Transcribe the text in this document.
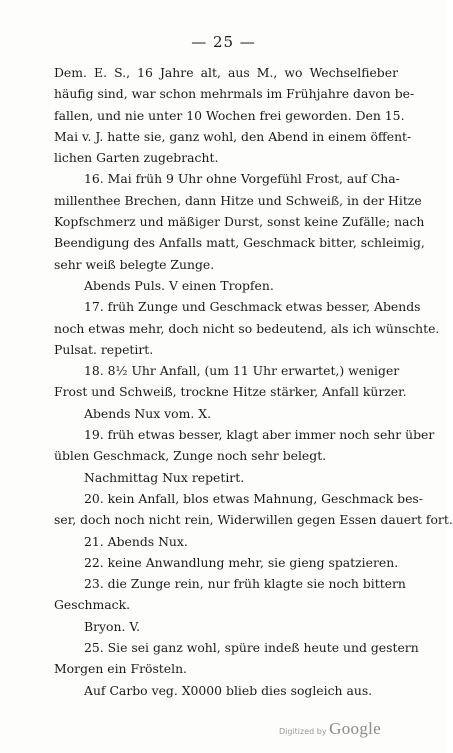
— 25 —
Dem. E. S., 16 Jahre alt, aus M., wo Wechselfieber
häufig sind, war schon mehrmals im Frühjahre davon be-
fallen, und nie unter 10 Wochen frei geworden. Den 15.
Mai v. J. hatte sie, ganz wohl, den Abend in einem öffent-
lichen Garten zugebracht.
16. Mai früh 9 Uhr ohne Vorgefühl Frost, auf Cha-
millenthee Brechen, dann Hitze und Schweiß, in der Hitze
Kopfschmerz und mäßiger Durst, sonst keine Zufälle; nach
Beendigung des Anfalls matt, Geschmack bitter, schleimig,
sehr weiß belegte Zunge.
Abends Puls. V einen Tropfen.
17. früh Zunge und Geschmack etwas besser, Abends
noch etwas mehr, doch nicht so bedeutend, als ich wünschte.
Pulsat. repetirt.
18. 8½ Uhr Anfall, (um 11 Uhr erwartet,) weniger
Frost und Schweiß, trockne Hitze stärker, Anfall kürzer.
Abends Nux vom. X.
19. früh etwas besser, klagt aber immer noch sehr über
üblen Geschmack, Zunge noch sehr belegt.
Nachmittag Nux repetirt.
20. kein Anfall, blos etwas Mahnung, Geschmack bes-
ser, doch noch nicht rein, Widerwillen gegen Essen dauert fort.
21. Abends Nux.
22. keine Anwandlung mehr, sie gieng spatzieren.
23. die Zunge rein, nur früh klagte sie noch bittern
Geschmack.
Bryon. V.
25. Sie sei ganz wohl, spüre indeß heute und gestern
Morgen ein Frösteln.
Auf Carbo veg. X0000 blieb dies sogleich aus.
Digitized by Google
